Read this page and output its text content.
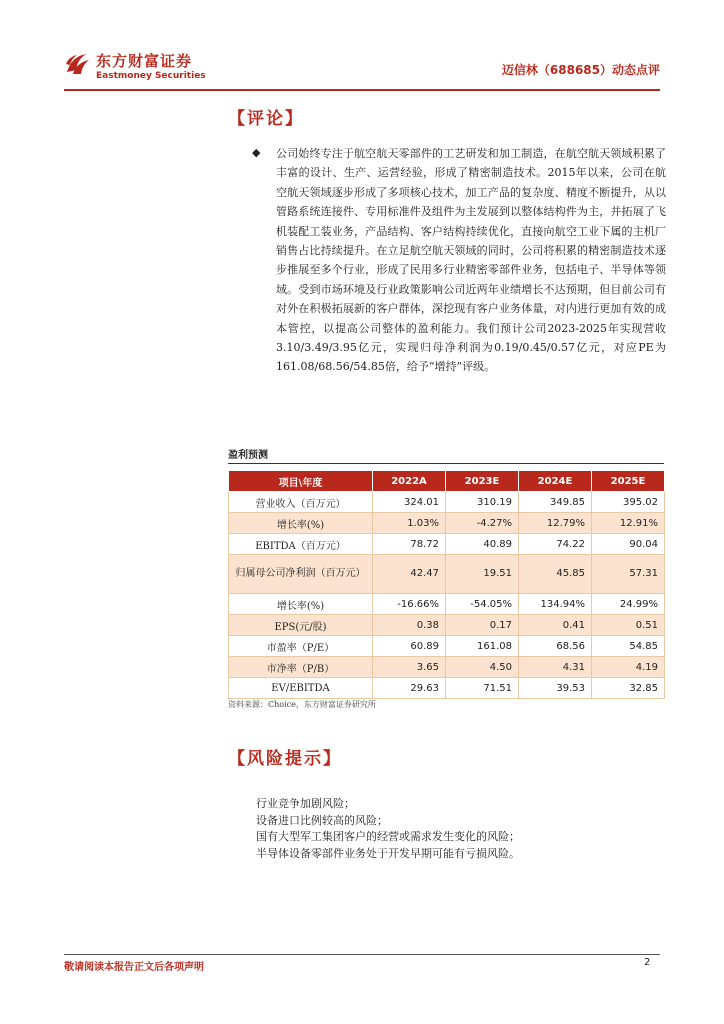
东方财富证券
Eastmoney Securities	迈信林（688685）动态点评
【评论】
◆	公司始终专注于航空航天零部件的工艺研发和加工制造，在航空航天领域积累了丰富的设计、生产、运营经验，形成了精密制造技术。2015年以来，公司在航空航天领域逐步形成了多项核心技术，加工产品的复杂度、精度不断提升，从以管路系统连接件、专用标准件及组件为主发展到以整体结构件为主，并拓展了飞机装配工装业务，产品结构、客户结构持续优化，直接向航空工业下属的主机厂销售占比持续提升。在立足航空航天领域的同时，公司将积累的精密制造技术逐步推展至多个行业，形成了民用多行业精密零部件业务，包括电子、半导体等领域。受到市场环境及行业政策影响公司近两年业绩增长不达预期，但目前公司有对外在积极拓展新的客户群体，深挖现有客户业务体量，对内进行更加有效的成本管控，以提高公司整体的盈利能力。我们预计公司2023-2025年实现营收3.10/3.49/3.95亿元，实现归母净利润为0.19/0.45/0.57亿元，对应PE为161.08/68.56/54.85倍，给予“增持”评级。

盈利预测
项目\年度	2022A	2023E	2024E	2025E
营业收入（百万元）	324.01	310.19	349.85	395.02
增长率(%)	1.03%	-4.27%	12.79%	12.91%
EBITDA（百万元）	78.72	40.89	74.22	90.04
归属母公司净利润（百万元）	42.47	19.51	45.85	57.31
增长率(%)	-16.66%	-54.05%	134.94%	24.99%
EPS(元/股)	0.38	0.17	0.41	0.51
市盈率（P/E）	60.89	161.08	68.56	54.85
市净率（P/B）	3.65	4.50	4.31	4.19
EV/EBITDA	29.63	71.51	39.53	32.85
资料来源：Choice，东方财富证券研究所
【风险提示】
行业竞争加剧风险；
设备进口比例较高的风险；
国有大型军工集团客户的经营或需求发生变化的风险；
半导体设备零部件业务处于开发早期可能有亏损风险。
敬请阅读本报告正文后各项声明	2
